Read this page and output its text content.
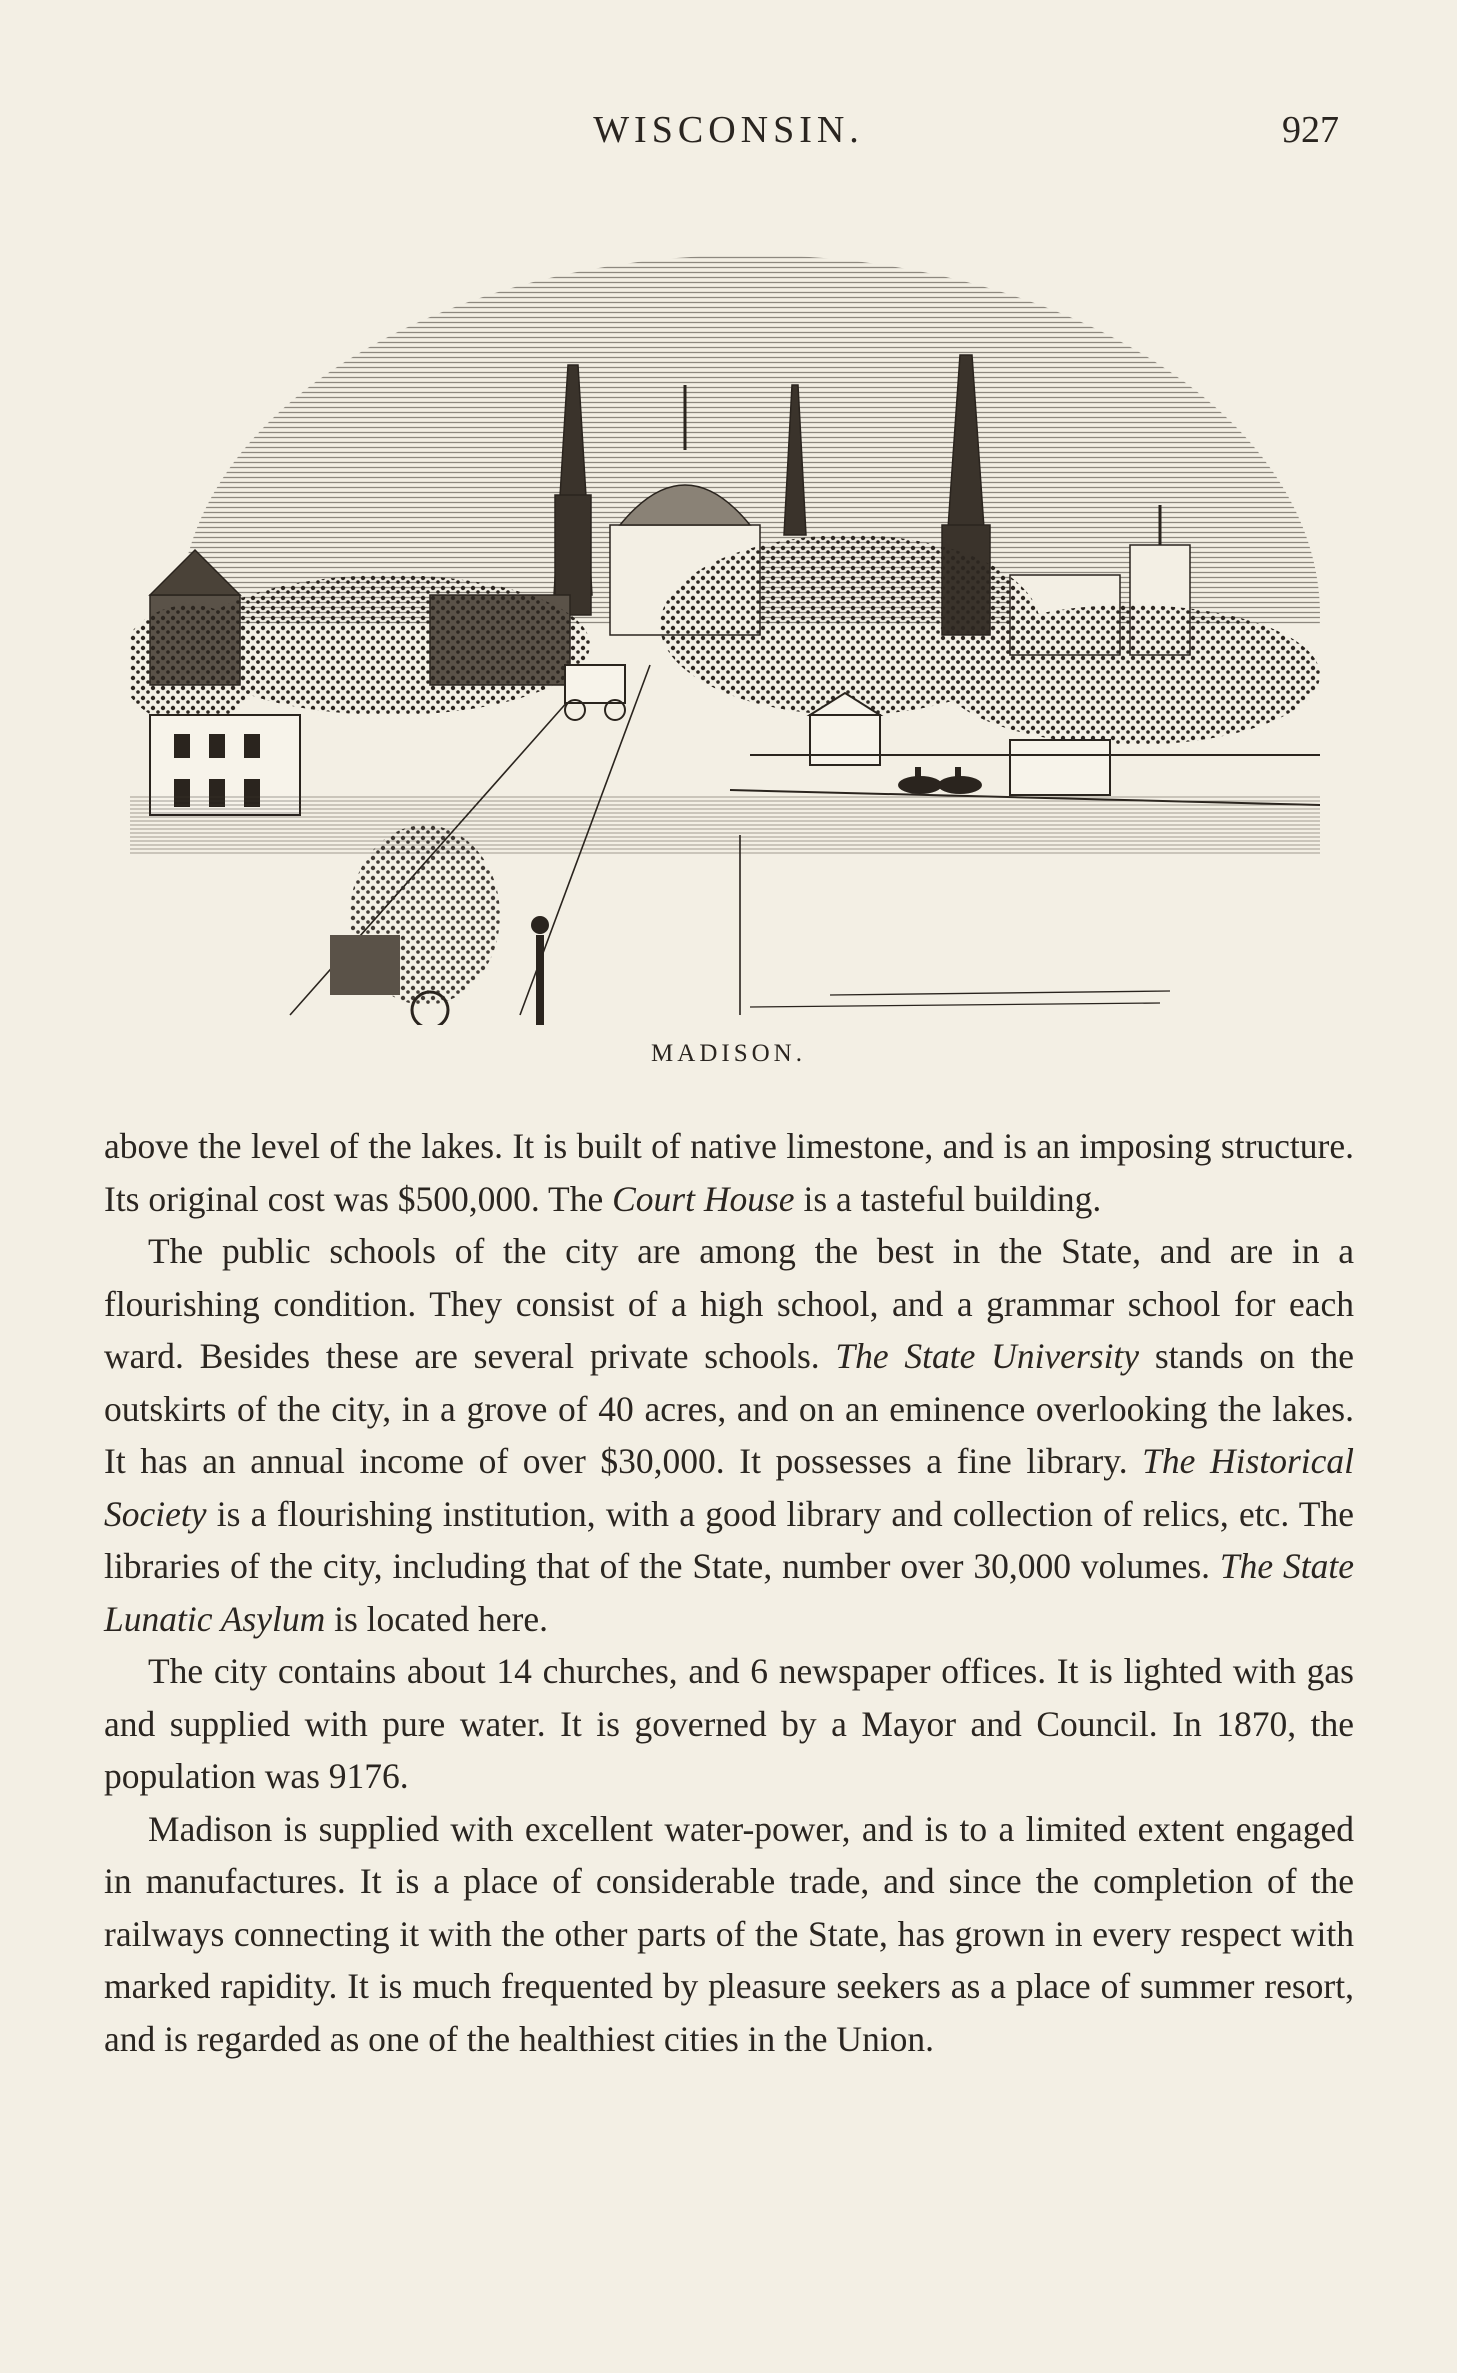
WISCONSIN.	927
MADISON.

above the level of the lakes. It is built of native limestone, and is an imposing structure. Its original cost was $500,000. The Court House is a tasteful building.

The public schools of the city are among the best in the State, and are in a flourishing condition. They consist of a high school, and a grammar school for each ward. Besides these are several private schools. The State University stands on the outskirts of the city, in a grove of 40 acres, and on an eminence overlooking the lakes. It has an annual income of over $30,000. It possesses a fine library. The Historical Society is a flourishing institution, with a good library and collection of relics, etc. The libraries of the city, including that of the State, number over 30,000 volumes. The State Lunatic Asylum is located here.

The city contains about 14 churches, and 6 newspaper offices. It is lighted with gas and supplied with pure water. It is governed by a Mayor and Council. In 1870, the population was 9176.

Madison is supplied with excellent water-power, and is to a limited extent engaged in manufactures. It is a place of considerable trade, and since the completion of the railways connecting it with the other parts of the State, has grown in every respect with marked rapidity. It is much frequented by pleasure seekers as a place of summer resort, and is regarded as one of the healthiest cities in the Union.
